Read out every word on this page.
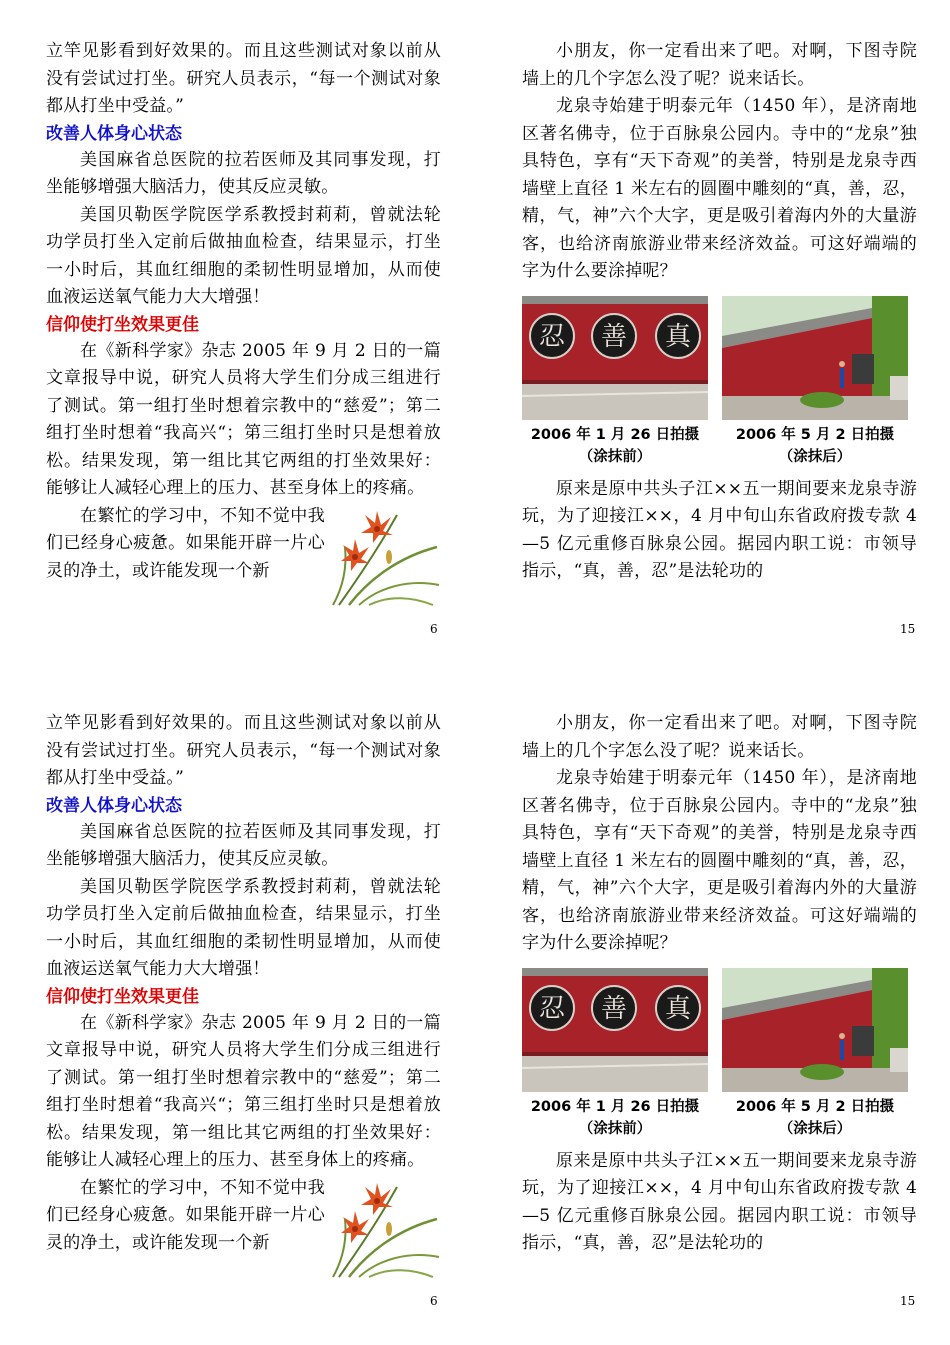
立竿见影看到好效果的。而且这些测试对象以前从没有尝试过打坐。研究人员表示，“每一个测试对象都从打坐中受益。”

改善人体身心状态

美国麻省总医院的拉若医师及其同事发现，打坐能够增强大脑活力，使其反应灵敏。

美国贝勒医学院医学系教授封莉莉，曾就法轮功学员打坐入定前后做抽血检查，结果显示，打坐一小时后，其血红细胞的柔韧性明显增加，从而使血液运送氧气能力大大增强！

信仰使打坐效果更佳

在《新科学家》杂志 2005 年 9 月 2 日的一篇文章报导中说，研究人员将大学生们分成三组进行了测试。第一组打坐时想着宗教中的“慈爱”；第二组打坐时想着“我高兴“；第三组打坐时只是想着放松。结果发现，第一组比其它两组的打坐效果好：能够让人减轻心理上的压力、甚至身体上的疼痛。

在繁忙的学习中，不知不觉中我们已经身心疲惫。如果能开辟一片心灵的净土，或许能发现一个新

6

小朋友，你一定看出来了吧。对啊，下图寺院墙上的几个字怎么没了呢？说来话长。

龙泉寺始建于明泰元年（1450 年），是济南地区著名佛寺，位于百脉泉公园内。寺中的“龙泉”独具特色，享有“天下奇观”的美誉，特别是龙泉寺西墙壁上直径 1 米左右的圆圈中雕刻的“真，善，忍，精，气，神”六个大字，更是吸引着海内外的大量游客，也给济南旅游业带来经济效益。可这好端端的字为什么要涂掉呢？

忍 善 真
2006 年 1 月 26 日拍摄
（涂抹前）
2006 年 5 月 2 日拍摄
（涂抹后）

原来是原中共头子江××五一期间要来龙泉寺游玩，为了迎接江××，4 月中旬山东省政府拨专款 4—5 亿元重修百脉泉公园。据园内职工说：市领导指示，“真，善，忍”是法轮功的

15

立竿见影看到好效果的。而且这些测试对象以前从没有尝试过打坐。研究人员表示，“每一个测试对象都从打坐中受益。”

改善人体身心状态

美国麻省总医院的拉若医师及其同事发现，打坐能够增强大脑活力，使其反应灵敏。

美国贝勒医学院医学系教授封莉莉，曾就法轮功学员打坐入定前后做抽血检查，结果显示，打坐一小时后，其血红细胞的柔韧性明显增加，从而使血液运送氧气能力大大增强！

信仰使打坐效果更佳

在《新科学家》杂志 2005 年 9 月 2 日的一篇文章报导中说，研究人员将大学生们分成三组进行了测试。第一组打坐时想着宗教中的“慈爱”；第二组打坐时想着“我高兴“；第三组打坐时只是想着放松。结果发现，第一组比其它两组的打坐效果好：能够让人减轻心理上的压力、甚至身体上的疼痛。

在繁忙的学习中，不知不觉中我们已经身心疲惫。如果能开辟一片心灵的净土，或许能发现一个新

6

小朋友，你一定看出来了吧。对啊，下图寺院墙上的几个字怎么没了呢？说来话长。

龙泉寺始建于明泰元年（1450 年），是济南地区著名佛寺，位于百脉泉公园内。寺中的“龙泉”独具特色，享有“天下奇观”的美誉，特别是龙泉寺西墙壁上直径 1 米左右的圆圈中雕刻的“真，善，忍，精，气，神”六个大字，更是吸引着海内外的大量游客，也给济南旅游业带来经济效益。可这好端端的字为什么要涂掉呢？

忍 善 真
2006 年 1 月 26 日拍摄
（涂抹前）
2006 年 5 月 2 日拍摄
（涂抹后）

原来是原中共头子江××五一期间要来龙泉寺游玩，为了迎接江××，4 月中旬山东省政府拨专款 4—5 亿元重修百脉泉公园。据园内职工说：市领导指示，“真，善，忍”是法轮功的

15
